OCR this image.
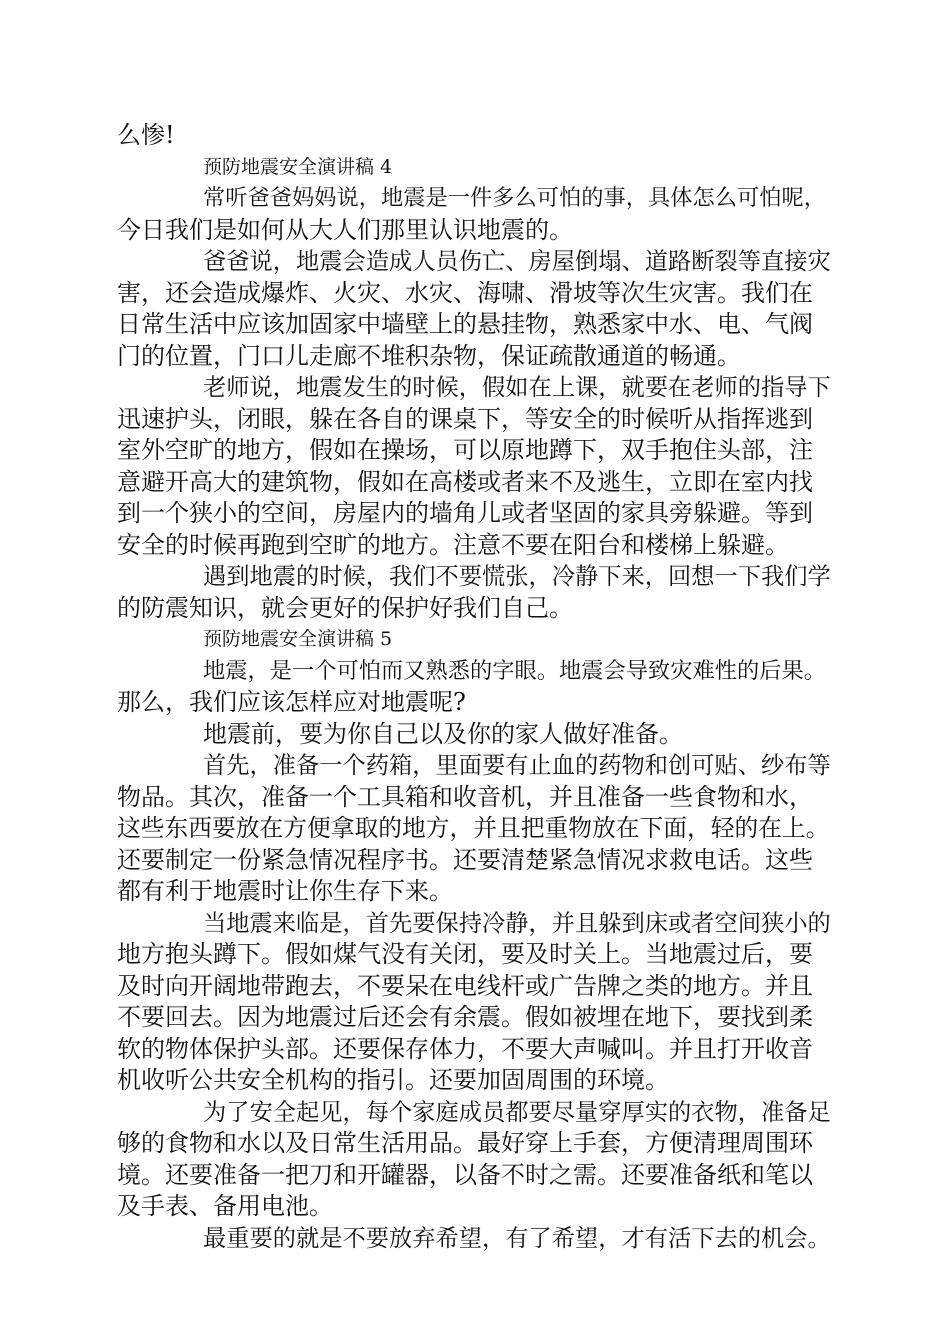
么惨!
预防地震安全演讲稿 4
常听爸爸妈妈说，地震是一件多么可怕的事，具体怎么可怕呢，
今日我们是如何从大人们那里认识地震的。
爸爸说，地震会造成人员伤亡、房屋倒塌、道路断裂等直接灾
害，还会造成爆炸、火灾、水灾、海啸、滑坡等次生灾害。我们在
日常生活中应该加固家中墙壁上的悬挂物，熟悉家中水、电、气阀
门的位置，门口儿走廊不堆积杂物，保证疏散通道的畅通。
老师说，地震发生的时候，假如在上课，就要在老师的指导下
迅速护头，闭眼，躲在各自的课桌下，等安全的时候听从指挥逃到
室外空旷的地方，假如在操场，可以原地蹲下，双手抱住头部，注
意避开高大的建筑物，假如在高楼或者来不及逃生，立即在室内找
到一个狭小的空间，房屋内的墙角儿或者坚固的家具旁躲避。等到
安全的时候再跑到空旷的地方。注意不要在阳台和楼梯上躲避。
遇到地震的时候，我们不要慌张，冷静下来，回想一下我们学
的防震知识，就会更好的保护好我们自己。
预防地震安全演讲稿 5
地震，是一个可怕而又熟悉的字眼。地震会导致灾难性的后果。
那么，我们应该怎样应对地震呢?
地震前，要为你自己以及你的家人做好准备。
首先，准备一个药箱，里面要有止血的药物和创可贴、纱布等
物品。其次，准备一个工具箱和收音机，并且准备一些食物和水，
这些东西要放在方便拿取的地方，并且把重物放在下面，轻的在上。
还要制定一份紧急情况程序书。还要清楚紧急情况求救电话。这些
都有利于地震时让你生存下来。
当地震来临是，首先要保持冷静，并且躲到床或者空间狭小的
地方抱头蹲下。假如煤气没有关闭，要及时关上。当地震过后，要
及时向开阔地带跑去，不要呆在电线杆或广告牌之类的地方。并且
不要回去。因为地震过后还会有余震。假如被埋在地下，要找到柔
软的物体保护头部。还要保存体力，不要大声喊叫。并且打开收音
机收听公共安全机构的指引。还要加固周围的环境。
为了安全起见，每个家庭成员都要尽量穿厚实的衣物，准备足
够的食物和水以及日常生活用品。最好穿上手套，方便清理周围环
境。还要准备一把刀和开罐器，以备不时之需。还要准备纸和笔以
及手表、备用电池。
最重要的就是不要放弃希望，有了希望，才有活下去的机会。
